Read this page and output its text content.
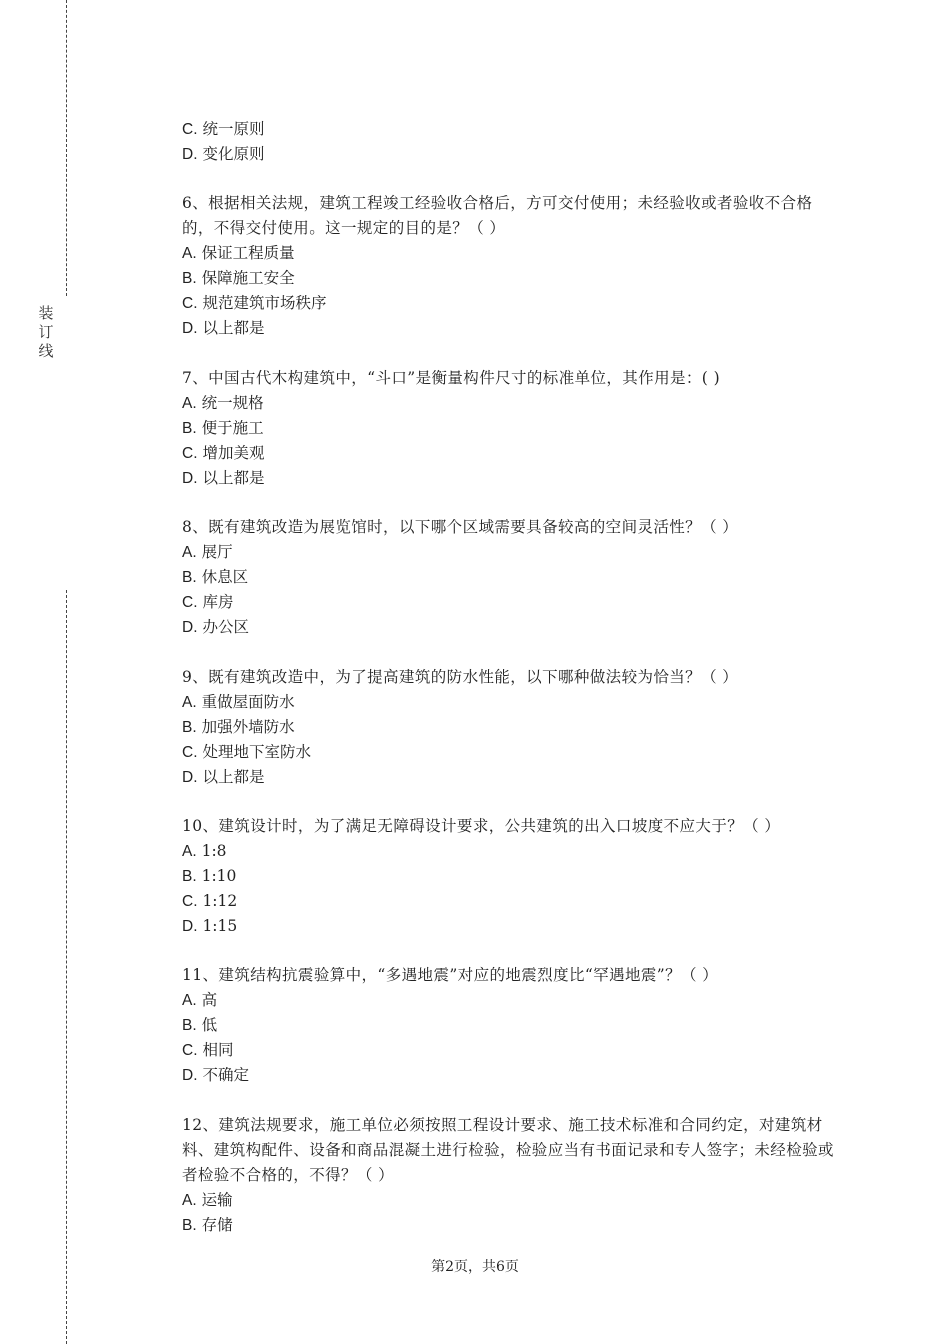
装
订
线
C. 统一原则
D. 变化原则
6、根据相关法规，建筑工程竣工经验收合格后，方可交付使用；未经验收或者验收不合格的，不得交付使用。这一规定的目的是？（ ）
A. 保证工程质量
B. 保障施工安全
C. 规范建筑市场秩序
D. 以上都是
7、中国古代木构建筑中，“斗口”是衡量构件尺寸的标准单位，其作用是：( )
A. 统一规格
B. 便于施工
C. 增加美观
D. 以上都是
8、既有建筑改造为展览馆时，以下哪个区域需要具备较高的空间灵活性？（ ）
A. 展厅
B. 休息区
C. 库房
D. 办公区
9、既有建筑改造中，为了提高建筑的防水性能，以下哪种做法较为恰当？（ ）
A. 重做屋面防水
B. 加强外墙防水
C. 处理地下室防水
D. 以上都是
10、建筑设计时，为了满足无障碍设计要求，公共建筑的出入口坡度不应大于？（ ）
A. 1:8
B. 1:10
C. 1:12
D. 1:15
11、建筑结构抗震验算中，“多遇地震”对应的地震烈度比“罕遇地震”？（ ）
A. 高
B. 低
C. 相同
D. 不确定
12、建筑法规要求，施工单位必须按照工程设计要求、施工技术标准和合同约定，对建筑材料、建筑构配件、设备和商品混凝土进行检验，检验应当有书面记录和专人签字；未经检验或者检验不合格的，不得？（ ）
A. 运输
B. 存储
第2页，共6页
